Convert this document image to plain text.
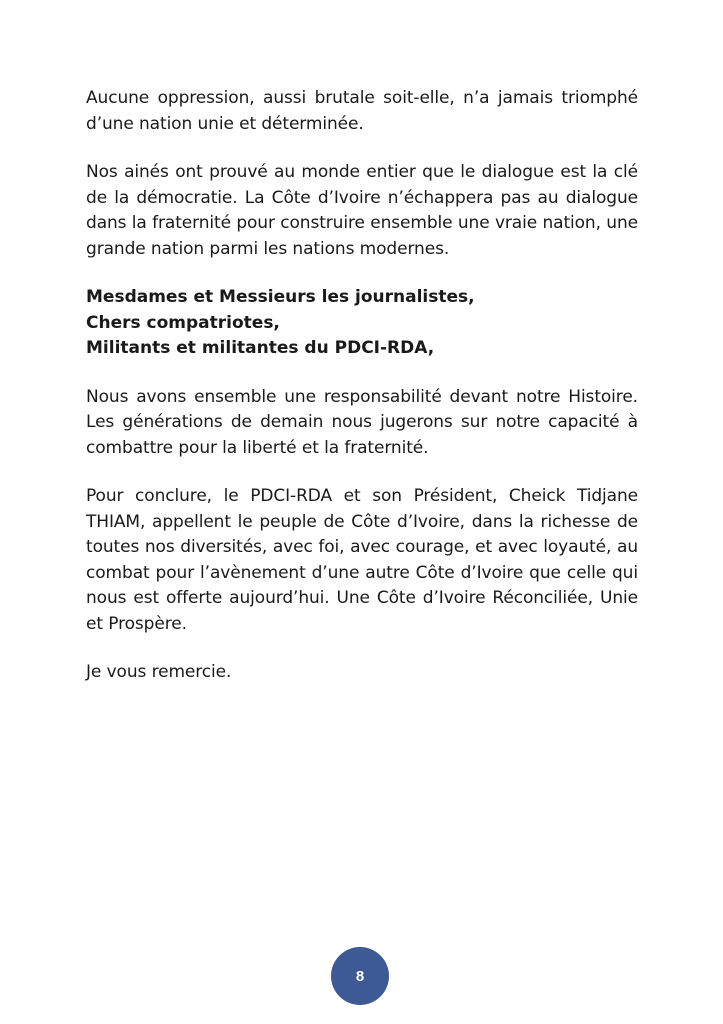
Aucune oppression, aussi brutale soit-elle, n’a jamais triomphé d’une nation unie et déterminée.

Nos ainés ont prouvé au monde entier que le dialogue est la clé de la démocratie. La Côte d’Ivoire n’échappera pas au dialogue dans la fraternité pour construire ensemble une vraie nation, une grande nation parmi les nations modernes.

Mesdames et Messieurs les journalistes,
Chers compatriotes,
Militants et militantes du PDCI-RDA,

Nous avons ensemble une responsabilité devant notre Histoire. Les générations de demain nous jugerons sur notre capacité à combattre pour la liberté et la fraternité.

Pour conclure, le PDCI-RDA et son Président, Cheick Tidjane THIAM, appellent le peuple de Côte d’Ivoire, dans la richesse de toutes nos diversités, avec foi, avec courage, et avec loyauté, au combat pour l’avènement d’une autre Côte d’Ivoire que celle qui nous est offerte aujourd’hui. Une Côte d’Ivoire Réconciliée, Unie et Prospère.

Je vous remercie.

8
